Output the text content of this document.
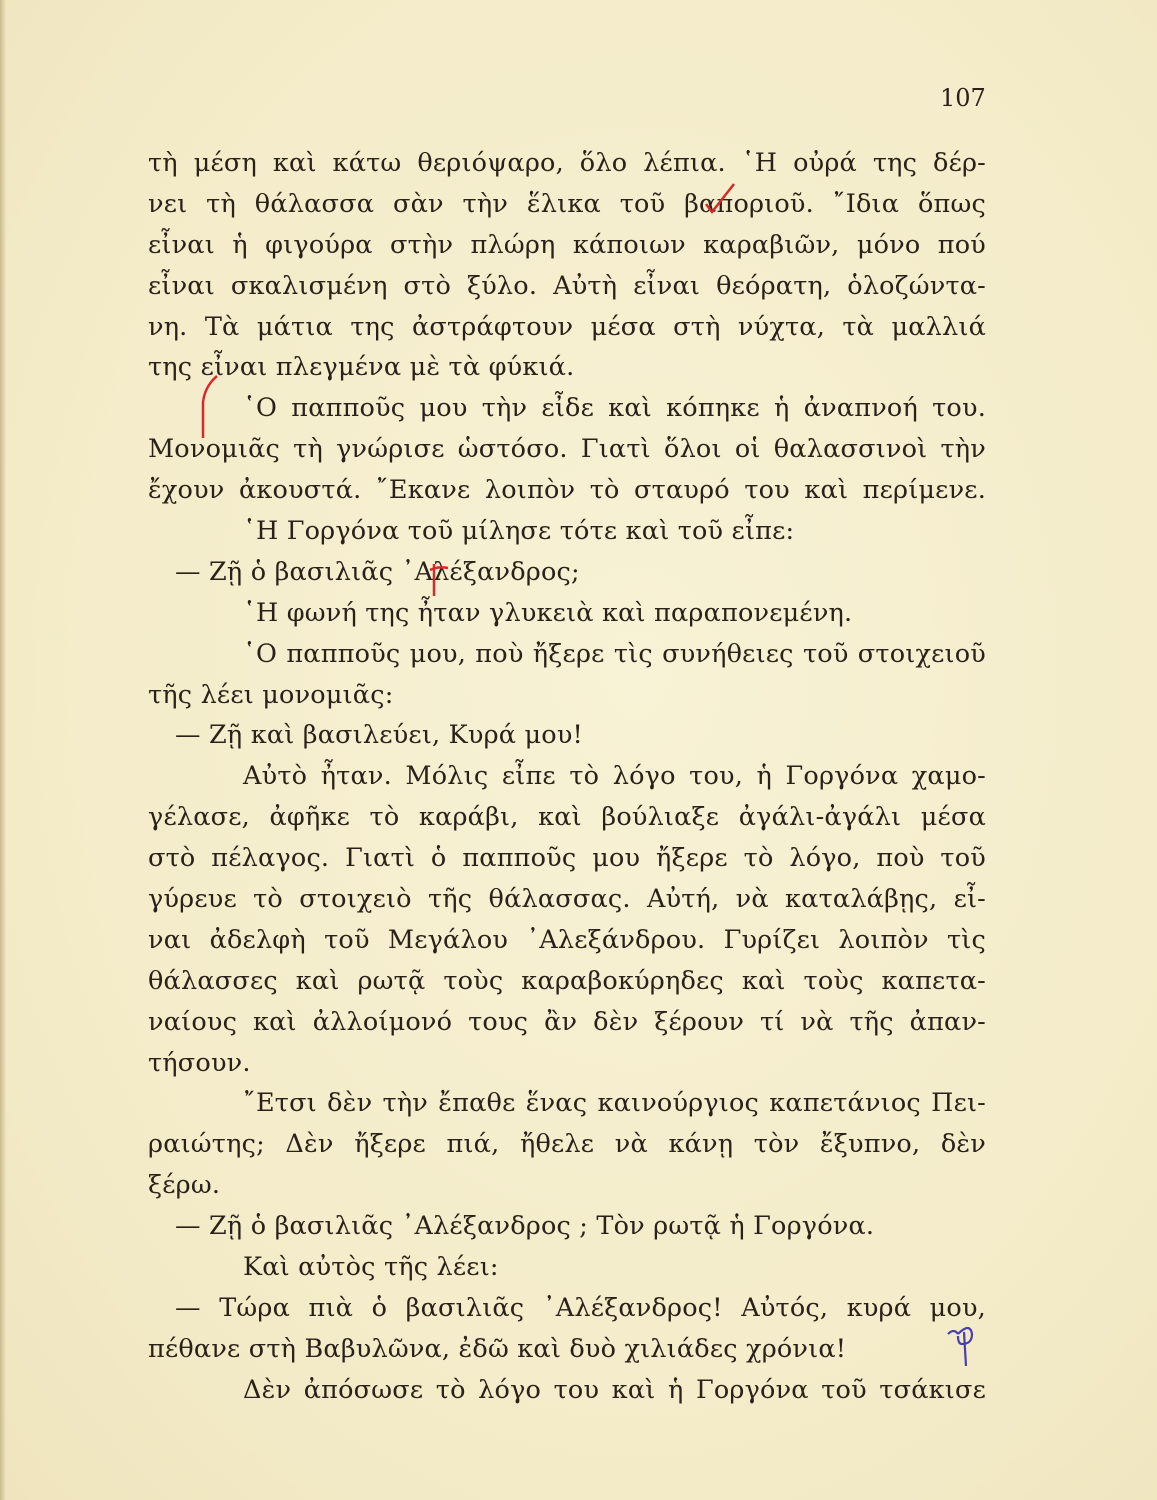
107
τὴ μέση καὶ κάτω θεριόψαρο, ὅλο λέπια. ῾Η οὐρά της δέρ-
νει τὴ θάλασσα σὰν τὴν ἕλικα τοῦ βαποριοῦ. ῎Ιδια ὅπως
εἶναι ἡ φιγούρα στὴν πλώρη κάποιων καραβιῶν, μόνο πού
εἶναι σκαλισμένη στὸ ξύλο. Αὐτὴ εἶναι θεόρατη, ὁλοζώντα-
νη. Τὰ μάτια της ἀστράφτουν μέσα στὴ νύχτα, τὰ μαλλιά
της εἶναι πλεγμένα μὲ τὰ φύκιά.
῾Ο παπποῦς μου τὴν εἶδε καὶ κόπηκε ἡ ἀναπνοή του.
Μονομιᾶς τὴ γνώρισε ὡστόσο. Γιατὶ ὅλοι οἱ θαλασσινοὶ τὴν
ἔχουν ἀκουστά. ῎Εκανε λοιπὸν τὸ σταυρό του καὶ περίμενε.
῾Η Γοργόνα τοῦ μίλησε τότε καὶ τοῦ εἶπε:
— Ζῇ ὁ βασιλιᾶς ᾿Αλέξανδρος;
῾Η φωνή της ἦταν γλυκειὰ καὶ παραπονεμένη.
῾Ο παπποῦς μου, ποὺ ἤξερε τὶς συνήθειες τοῦ στοιχειοῦ
τῆς λέει μονομιᾶς:
— Ζῇ καὶ βασιλεύει, Κυρά μου!
Αὐτὸ ἦταν. Μόλις εἶπε τὸ λόγο του, ἡ Γοργόνα χαμο-
γέλασε, ἀφῆκε τὸ καράβι, καὶ βούλιαξε ἀγάλι-ἀγάλι μέσα
στὸ πέλαγος. Γιατὶ ὁ παπποῦς μου ἤξερε τὸ λόγο, ποὺ τοῦ
γύρευε τὸ στοιχειὸ τῆς θάλασσας. Αὐτή, νὰ καταλάβῃς, εἶ-
ναι ἀδελφὴ τοῦ Μεγάλου ᾿Αλεξάνδρου. Γυρίζει λοιπὸν τὶς
θάλασσες καὶ ρωτᾷ τοὺς καραβοκύρηδες καὶ τοὺς καπετα-
ναίους καὶ ἀλλοίμονό τους ἂν δὲν ξέρουν τί νὰ τῆς ἀπαν-
τήσουν.
῎Ετσι δὲν τὴν ἔπαθε ἕνας καινούργιος καπετάνιος Πει-
ραιώτης; Δὲν ἤξερε πιά, ἤθελε νὰ κάνῃ τὸν ἔξυπνο, δὲν
ξέρω.
— Ζῇ ὁ βασιλιᾶς ᾿Αλέξανδρος ; Τὸν ρωτᾷ ἡ Γοργόνα.
Καὶ αὐτὸς τῆς λέει:
— Τώρα πιὰ ὁ βασιλιᾶς ᾿Αλέξανδρος! Αὐτός, κυρά μου,
πέθανε στὴ Βαβυλῶνα, ἐδῶ καὶ δυὸ χιλιάδες χρόνια!
Δὲν ἀπόσωσε τὸ λόγο του καὶ ἡ Γοργόνα τοῦ τσάκισε
